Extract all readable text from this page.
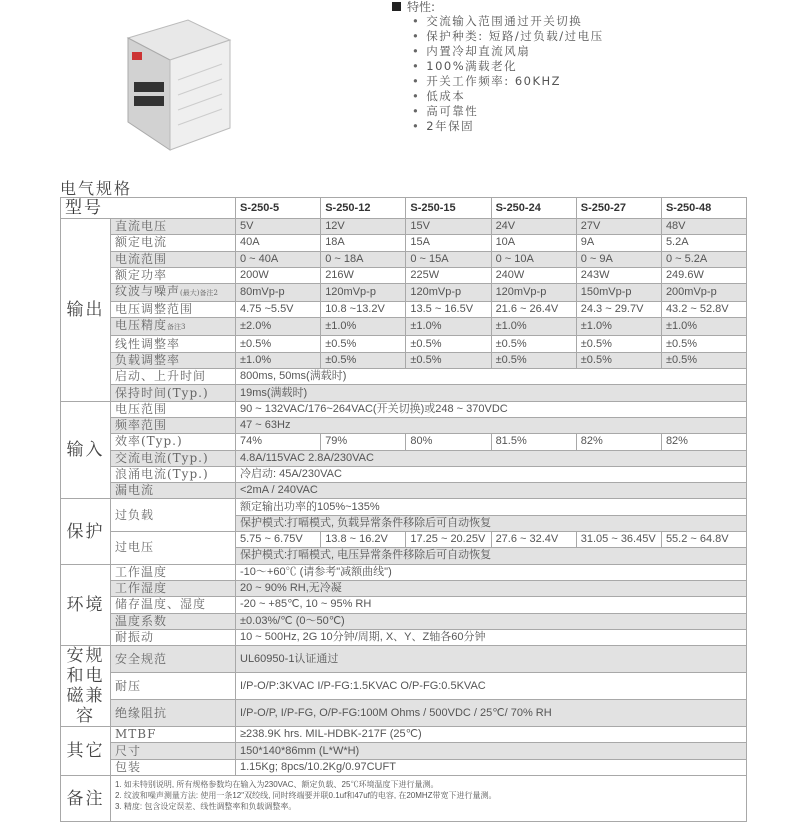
特性:
• 交流输入范围通过开关切换
• 保护种类: 短路/过负载/过电压
• 内置冷却直流风扇
• 100%满载老化
• 开关工作频率: 60KHZ
• 低成本
• 高可靠性
• 2年保固
电气规格
型号		S-250-5	S-250-12	S-250-15	S-250-24	S-250-27	S-250-48
输出	直流电压	5V	12V	15V	24V	27V	48V
	额定电流	40A	18A	15A	10A	9A	5.2A
	电流范围	0 ~ 40A	0 ~ 18A	0 ~ 15A	0 ~ 10A	0 ~ 9A	0 ~ 5.2A
	额定功率	200W	216W	225W	240W	243W	249.6W
	纹波与噪声(最大)备注2	80mVp-p	120mVp-p	120mVp-p	120mVp-p	150mVp-p	200mVp-p
	电压调整范围	4.75 ~5.5V	10.8 ~13.2V	13.5 ~ 16.5V	21.6 ~ 26.4V	24.3 ~ 29.7V	43.2 ~ 52.8V
	电压精度备注3	±2.0%	±1.0%	±1.0%	±1.0%	±1.0%	±1.0%
	线性调整率	±0.5%	±0.5%	±0.5%	±0.5%	±0.5%	±0.5%
	负载调整率	±1.0%	±0.5%	±0.5%	±0.5%	±0.5%	±0.5%
	启动、上升时间	800ms, 50ms(满载时)					
	保持时间(Typ.)	19ms(满载时)					
输入	电压范围	90 ~ 132VAC/176~264VAC(开关切换)或248 ~ 370VDC					
	频率范围	47 ~ 63Hz					
	效率(Typ.)	74%	79%	80%	81.5%	82%	82%
	交流电流(Typ.)	4.8A/115VAC 2.8A/230VAC					
	浪涌电流(Typ.)	冷启动: 45A/230VAC					
	漏电流	<2mA / 240VAC					
保护	过负载	额定输出功率的105%~135%					
		保护模式:打嗝模式, 负载异常条件移除后可自动恢复					
	过电压	5.75 ~ 6.75V	13.8 ~ 16.2V	17.25 ~ 20.25V	27.6 ~ 32.4V	31.05 ~ 36.45V	55.2 ~ 64.8V
		保护模式:打嗝模式, 电压异常条件移除后可自动恢复					
环境	工作温度	-10～+60℃ (请参考"减额曲线")					
	工作湿度	20 ~ 90% RH,无冷凝					
	储存温度、湿度	-20 ~ +85℃, 10 ~ 95% RH					
	温度系数	±0.03%/℃ (0～50℃)					
	耐振动	10 ~ 500Hz, 2G 10分钟/周期, X、Y、Z轴各60分钟					
安规和电磁兼容	安全规范	UL60950-1认证通过					
	耐压	I/P-O/P:3KVAC I/P-FG:1.5KVAC O/P-FG:0.5KVAC					
	绝缘阻抗	I/P-O/P, I/P-FG, O/P-FG:100M Ohms / 500VDC / 25℃/ 70% RH					
其它	MTBF	≥238.9K hrs. MIL-HDBK-217F (25℃)					
	尺寸	150*140*86mm (L*W*H)					
	包装	1.15Kg; 8pcs/10.2Kg/0.97CUFT					
备注	1. 如未特别说明, 所有规格参数均在输入为230VAC、额定负载、25℃环境温度下进行量测。
2. 纹波和噪声测量方法: 使用一条12"双绞线, 同时终端要并联0.1uf和47uf的电容, 在20MHZ带宽下进行量测。
3. 精度: 包含设定误差、线性调整率和负载调整率。						
